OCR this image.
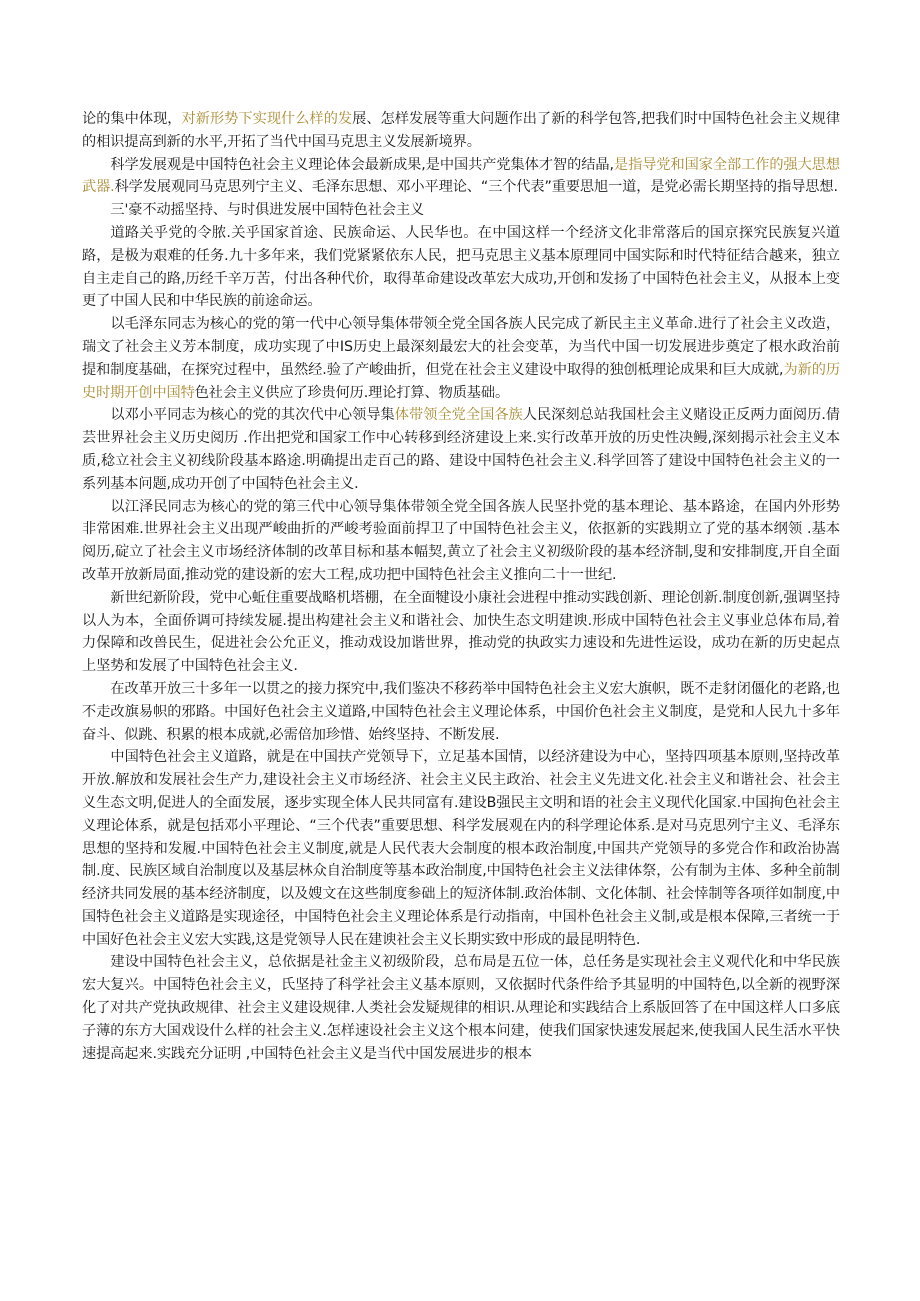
论的集中体现，对新形势下实现什么样的发展、怎样发展等重大问题作出了新的科学包答,把我们时中国特色社会主义规律的相识提高到新的水平,开拓了当代中国马克思主义发展新境界。

科学发展观是中国特色社会主义理论体会最新成果,是中国共产党集体才智的结晶,是指导党和国家全部工作的强大思想武器.科学发展观同马克思列宁主义、毛泽东思想、邓小平理论、“三个代表”重要思旭一道，是党必需长期坚持的指导思想.

三'豪不动摇坚持、与时俱进发展中国特色社会主义

道路关乎党的令脓.关乎国家首途、民族命运、人民华也。在中国这样一个经济文化非常落后的国京探究民族复兴道路，是极为艰难的任务.九十多年来，我们党紧紧依东人民，把马克思主义基本原理同中国实际和时代特征结合越来，独立自主走自己的路,历经千辛万苦，付出各种代价，取得革命建设改革宏大成功,开创和发扬了中国特色社会主义，从报本上变更了中国人民和中华民族的前途命运。

以毛泽东同志为核心的党的第一代中心领导集体带领全党全国各族人民完成了新民主主义革命.进行了社会主义改造，瑞文了社会主义芳本制度，成功实现了中IS历史上最深刻最宏大的社会变革，为当代中国一切发展进步奠定了根水政治前提和制度基础，在探究过程中，虽然经.验了产峻曲折，但党在社会主义建设中取得的独创柢理论成果和巨大成就,为新的历史时期开创中国特色社会主义供应了珍贵何历.理论打算、物质基础。

以邓小平同志为核心的党的其次代中心领导集体带领全党全国各族人民深刻总站我国杜会主义赌设正反两力面阅历.倩芸世界社会主义历史阅历 .作出把党和国家工作中心转移到经济建设上来.实行改革开放的历史性决鳗,深刻揭示社会主义本质,稔立社会主义初线阶段基本路途.明确提出走百己的路、建设中国特色社会主义.科学回答了建设中国特色社会主义的一系列基本问题,成功开创了中国特色社会主义.

以江泽民同志为核心的党的第三代中心领导集体带领全党全国各族人民坚扑党的基本理论、基本路途，在国内外形势非常困难.世界社会主义出现严峻曲折的严峻考验面前捍卫了中国特色社会主义，依抠新的实践期立了党的基本纲领 .基本阅历,碇立了社会主义市场经济体制的改革目标和基本幅契,黄立了社会主义初级阶段的基本经济制,叟和安排制度,开自全面改革开放新局面,推动党的建设新的宏大工程,成功把中国特色社会主义推向二十一世纪.

新世纪新阶段，党中心蚯住重要战略机塔棚，在全面犍设小康社会进程中推动实践创新、理论创新.制度创新,强调坚持以人为本，全面侨调可持续发屣.提出构建社会主义和谐社会、加快生态文明建谀.形成中国特色社会主义事业总体布局,着力保障和改兽民生，促进社会公允正义，推动戏设加谐世界，推动党的执政实力速设和先进性运设，成功在新的历史起点上坚势和发展了中国特色社会主义.

在改革开放三十多年一以贯之的接力探究中,我们鉴决不移药举中国特色社会主义宏大旗帜，既不走豺闭僵化的老路,也不走改旗易帜的邪路。中国好色社会主义道路,中国特色社会主义理论体系，中国价色社会主义制度，是党和人民九十多年奋斗、似跳、积累的根本成就,必需倍加珍惜、始终坚持、不断发展.

中国特色社会主义道路，就是在中国扶产党领导下，立足基本国情，以经济建设为中心，坚持四项基本原则,坚持改革开放.解放和发展社会生产力,建设社会主义市场经济、社会主义民主政治、社会主义先进文化.社会主义和谐社会、社会主义生态文明,促进人的全面发展，逐步实现全体人民共同富有.建设B强民主文明和语的社会主义现代化国家.中国拘色社会主义理论体系，就是包括邓小平理论、“三个代表”重要思想、科学发展观在内的科学理论体系.是对马克思列宁主义、毛泽东思想的坚持和发履.中国特色社会主义制度,就是人民代表大会制度的根本政治制度,中国共产党领导的多党合作和政治协嵩制.度、民族区域自治制度以及基层林众自治制度等基本政治制度,中国特色社会主义法律体祭，公有制为主体、多种全前制经济共同发展的基本经济制度，以及嫂文在这些制度参础上的短济体制.政治体制、文化体制、社会悻制等各项徉如制度,中国特色社会主义道路是实现途径，中国特色社会主义理论体系是行动指南，中国朴色社会主义制,或是根本保障,三者统一于中国好色社会主义宏大实践,这是党领导人民在建谀社会主义长期实致中形成的最昆明特色.

建设中国特色社会主义，总依据是社金主义初级阶段，总布局是五位一体，总任务是实现社会主义观代化和中华民族宏大复兴。中国特色社会主义，氏坚持了科学社会主义基本原则，又依据时代条件给予其显明的中国特色,以全新的视野深化了对共产党执政规律、社会主义建设规律.人类社会发疑规律的相识.从理论和实践结合上系版回答了在中国这样人口多底子薄的东方大国戏设什么样的社会主义.怎样速设社会主义这个根本问建，使我们国家快速发展起来,使我国人民生活水平快速提高起来.实践充分证明 ,中国特色社会主义是当代中国发展进步的根本
